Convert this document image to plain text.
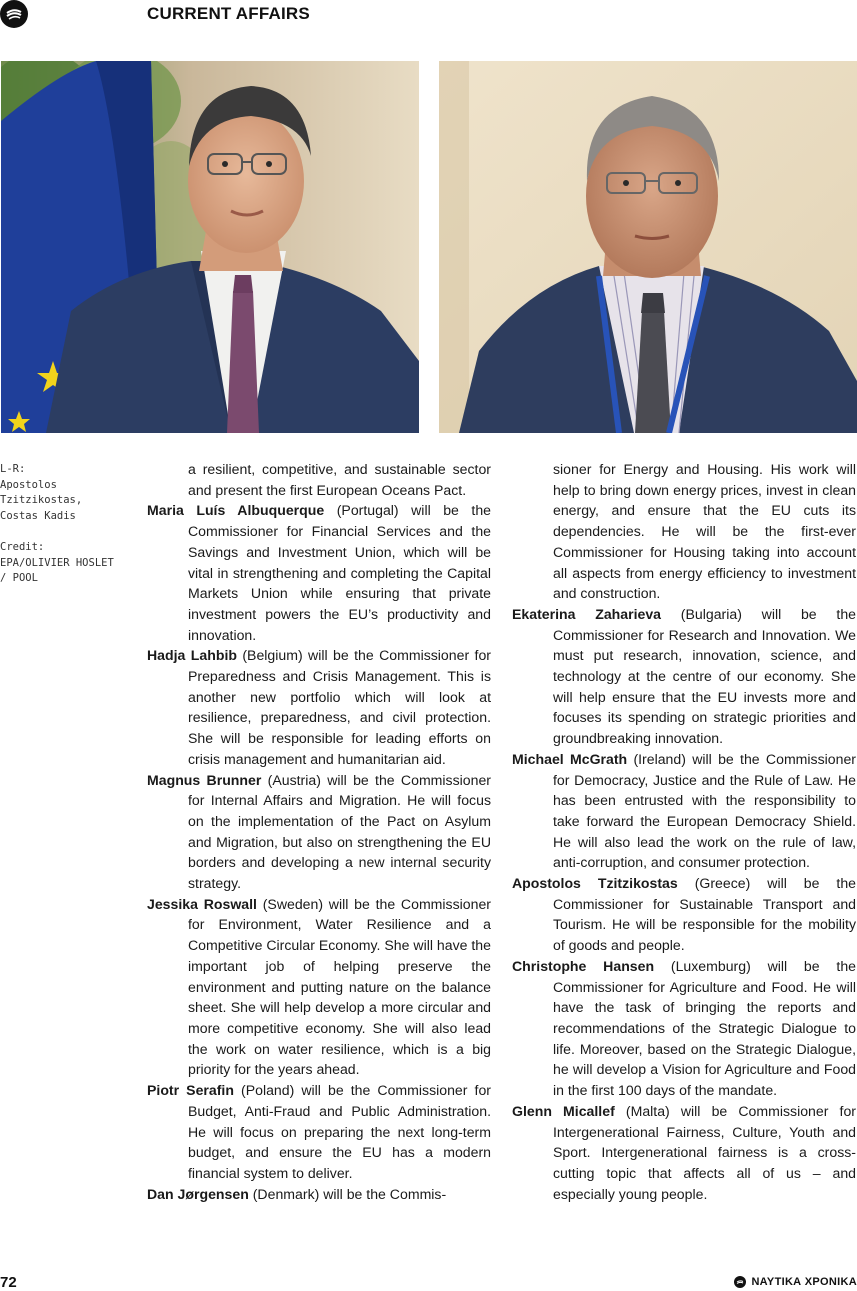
CURRENT AFFAIRS
L-R:
Apostolos
Tzitzikostas,
Costas Kadis
Credit:
EPA/OLIVIER HOSLET
/ POOL

a resilient, competitive, and sustainable sector and present the first European Oceans Pact.

Maria Luís Albuquerque (Portugal) will be the Commissioner for Financial Services and the Savings and Investment Union, which will be vital in strengthening and completing the Capital Markets Union while ensuring that private investment powers the EU’s productivity and innovation.

Hadja Lahbib (Belgium) will be the Commissioner for Preparedness and Crisis Management. This is another new portfolio which will look at resilience, preparedness, and civil protection. She will be responsible for leading efforts on crisis management and humanitarian aid.

Magnus Brunner (Austria) will be the Commissioner for Internal Affairs and Migration. He will focus on the implementation of the Pact on Asylum and Migration, but also on strengthening the EU borders and developing a new internal security strategy.

Jessika Roswall (Sweden) will be the Commissioner for Environment, Water Resilience and a Competitive Circular Economy. She will have the important job of helping preserve the environment and putting nature on the balance sheet. She will help develop a more circular and more competitive economy. She will also lead the work on water resilience, which is a big priority for the years ahead.

Piotr Serafin (Poland) will be the Commissioner for Budget, Anti-Fraud and Public Administration. He will focus on preparing the next long-term budget, and ensure the EU has a modern financial system to deliver.

Dan Jørgensen (Denmark) will be the Commis-

sioner for Energy and Housing. His work will help to bring down energy prices, invest in clean energy, and ensure that the EU cuts its dependencies. He will be the first-ever Commissioner for Housing taking into account all aspects from energy efficiency to investment and construction.

Ekaterina Zaharieva (Bulgaria) will be the Commissioner for Research and Innovation. We must put research, innovation, science, and technology at the centre of our economy. She will help ensure that the EU invests more and focuses its spending on strategic priorities and groundbreaking innovation.

Michael McGrath (Ireland) will be the Commissioner for Democracy, Justice and the Rule of Law. He has been entrusted with the responsibility to take forward the European Democracy Shield. He will also lead the work on the rule of law, anti-corruption, and consumer protection.

Apostolos Tzitzikostas (Greece) will be the Commissioner for Sustainable Transport and Tourism. He will be responsible for the mobility of goods and people.

Christophe Hansen (Luxemburg) will be the Commissioner for Agriculture and Food. He will have the task of bringing the reports and recommendations of the Strategic Dialogue to life. Moreover, based on the Strategic Dialogue, he will develop a Vision for Agriculture and Food in the first 100 days of the mandate.

Glenn Micallef (Malta) will be Commissioner for Intergenerational Fairness, Culture, Youth and Sport. Intergenerational fairness is a cross-cutting topic that affects all of us – and especially young people.

72	ΝΑΥΤΙΚΑ ΧΡΟΝΙΚΑ
